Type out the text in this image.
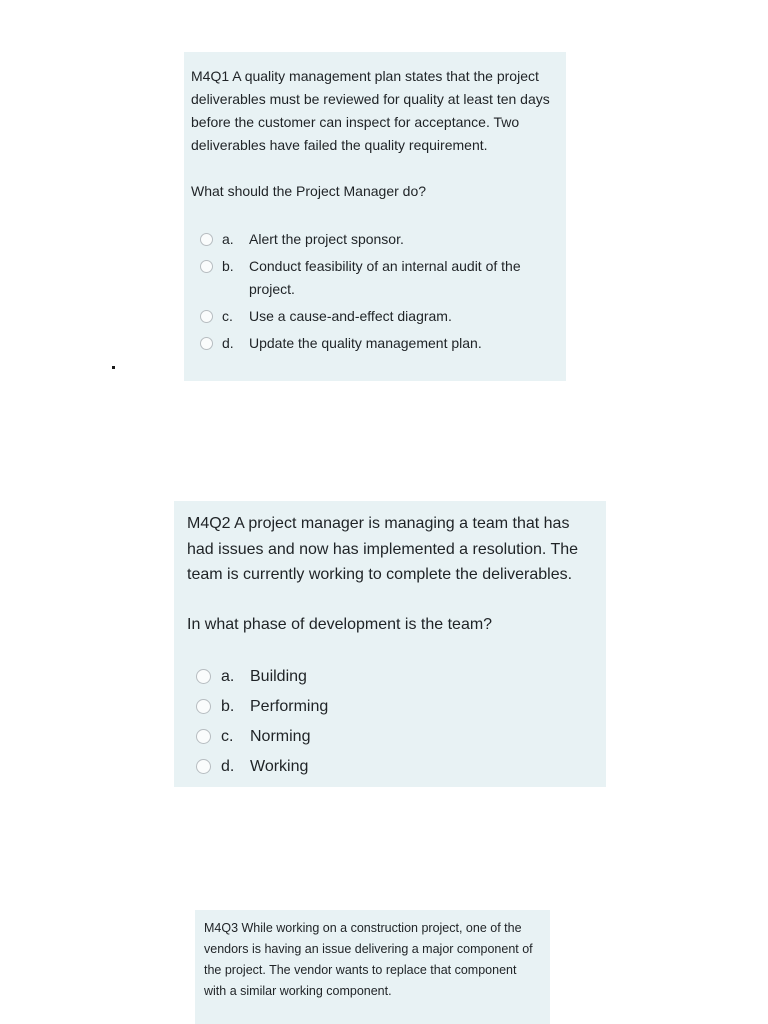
M4Q1 A quality management plan states that the project deliverables must be reviewed for quality at least ten days before the customer can inspect for acceptance. Two deliverables have failed the quality requirement.

What should the Project Manager do?

a.	Alert the project sponsor.
b.	Conduct feasibility of an internal audit of the project.
c.	Use a cause-and-effect diagram.
d.	Update the quality management plan.

M4Q2 A project manager is managing a team that has had issues and now has implemented a resolution. The team is currently working to complete the deliverables.

In what phase of development is the team?

a. Building
b. Performing
c.	Norming
d. Working

M4Q3 While working on a construction project, one of the vendors is having an issue delivering a major component of the project. The vendor wants to replace that component with a similar working component.
